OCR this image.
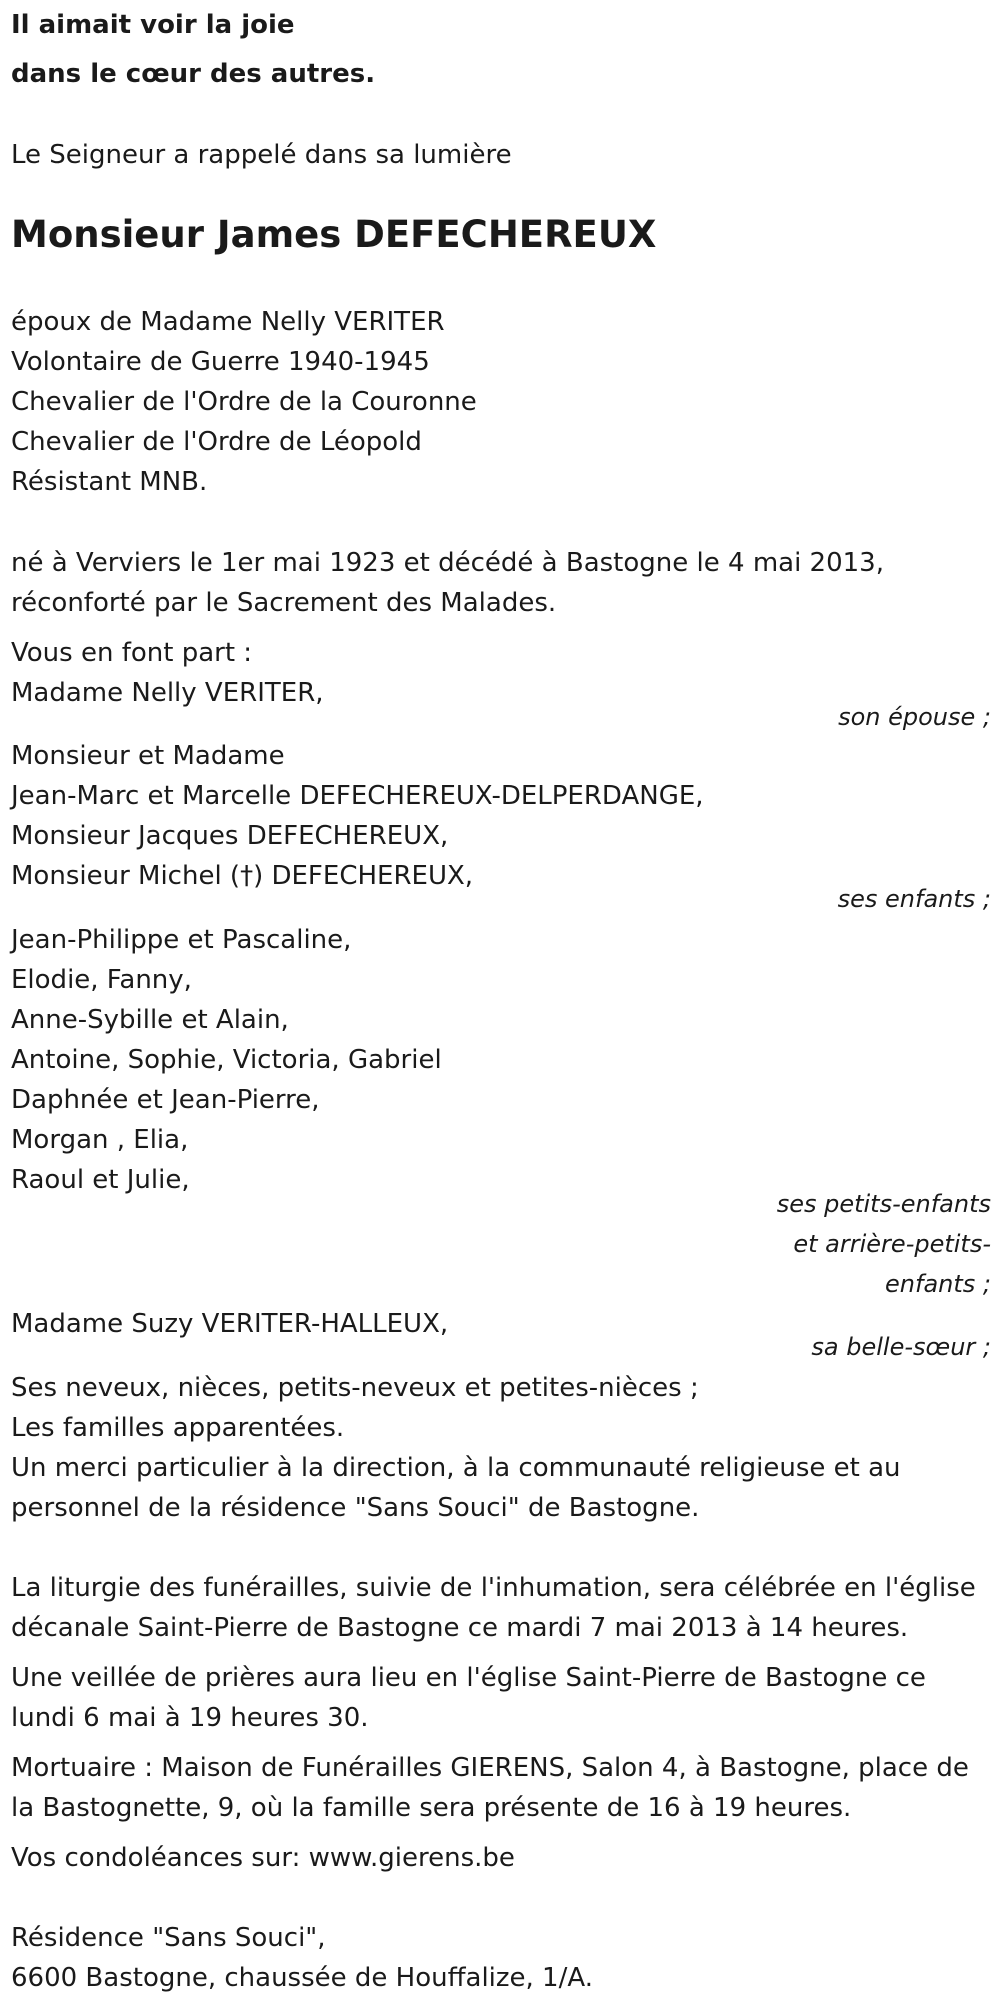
Il aimait voir la joie
dans le cœur des autres.
Le Seigneur a rappelé dans sa lumière
Monsieur James DEFECHEREUX
époux de Madame Nelly VERITER
Volontaire de Guerre 1940-1945
Chevalier de l'Ordre de la Couronne
Chevalier de l'Ordre de Léopold
Résistant MNB.
né à Verviers le 1er mai 1923 et décédé à Bastogne le 4 mai 2013,
réconforté par le Sacrement des Malades.
Vous en font part :
Madame Nelly VERITER,
son épouse ;
Monsieur et Madame
Jean-Marc et Marcelle DEFECHEREUX-DELPERDANGE,
Monsieur Jacques DEFECHEREUX,
Monsieur Michel (†) DEFECHEREUX,
ses enfants ;
Jean-Philippe et Pascaline,
Elodie, Fanny,
Anne-Sybille et Alain,
Antoine, Sophie, Victoria, Gabriel
Daphnée et Jean-Pierre,
Morgan , Elia,
Raoul et Julie,
ses petits-enfants
et arrière-petits-
enfants ;
Madame Suzy VERITER-HALLEUX,
sa belle-sœur ;
Ses neveux, nièces, petits-neveux et petites-nièces ;
Les familles apparentées.
Un merci particulier à la direction, à la communauté religieuse et au
personnel de la résidence "Sans Souci" de Bastogne.
La liturgie des funérailles, suivie de l'inhumation, sera célébrée en l'église
décanale Saint-Pierre de Bastogne ce mardi 7 mai 2013 à 14 heures.
Une veillée de prières aura lieu en l'église Saint-Pierre de Bastogne ce
lundi 6 mai à 19 heures 30.
Mortuaire : Maison de Funérailles GIERENS, Salon 4, à Bastogne, place de
la Bastognette, 9, où la famille sera présente de 16 à 19 heures.
Vos condoléances sur: www.gierens.be
Résidence "Sans Souci",
6600 Bastogne, chaussée de Houffalize, 1/A.
